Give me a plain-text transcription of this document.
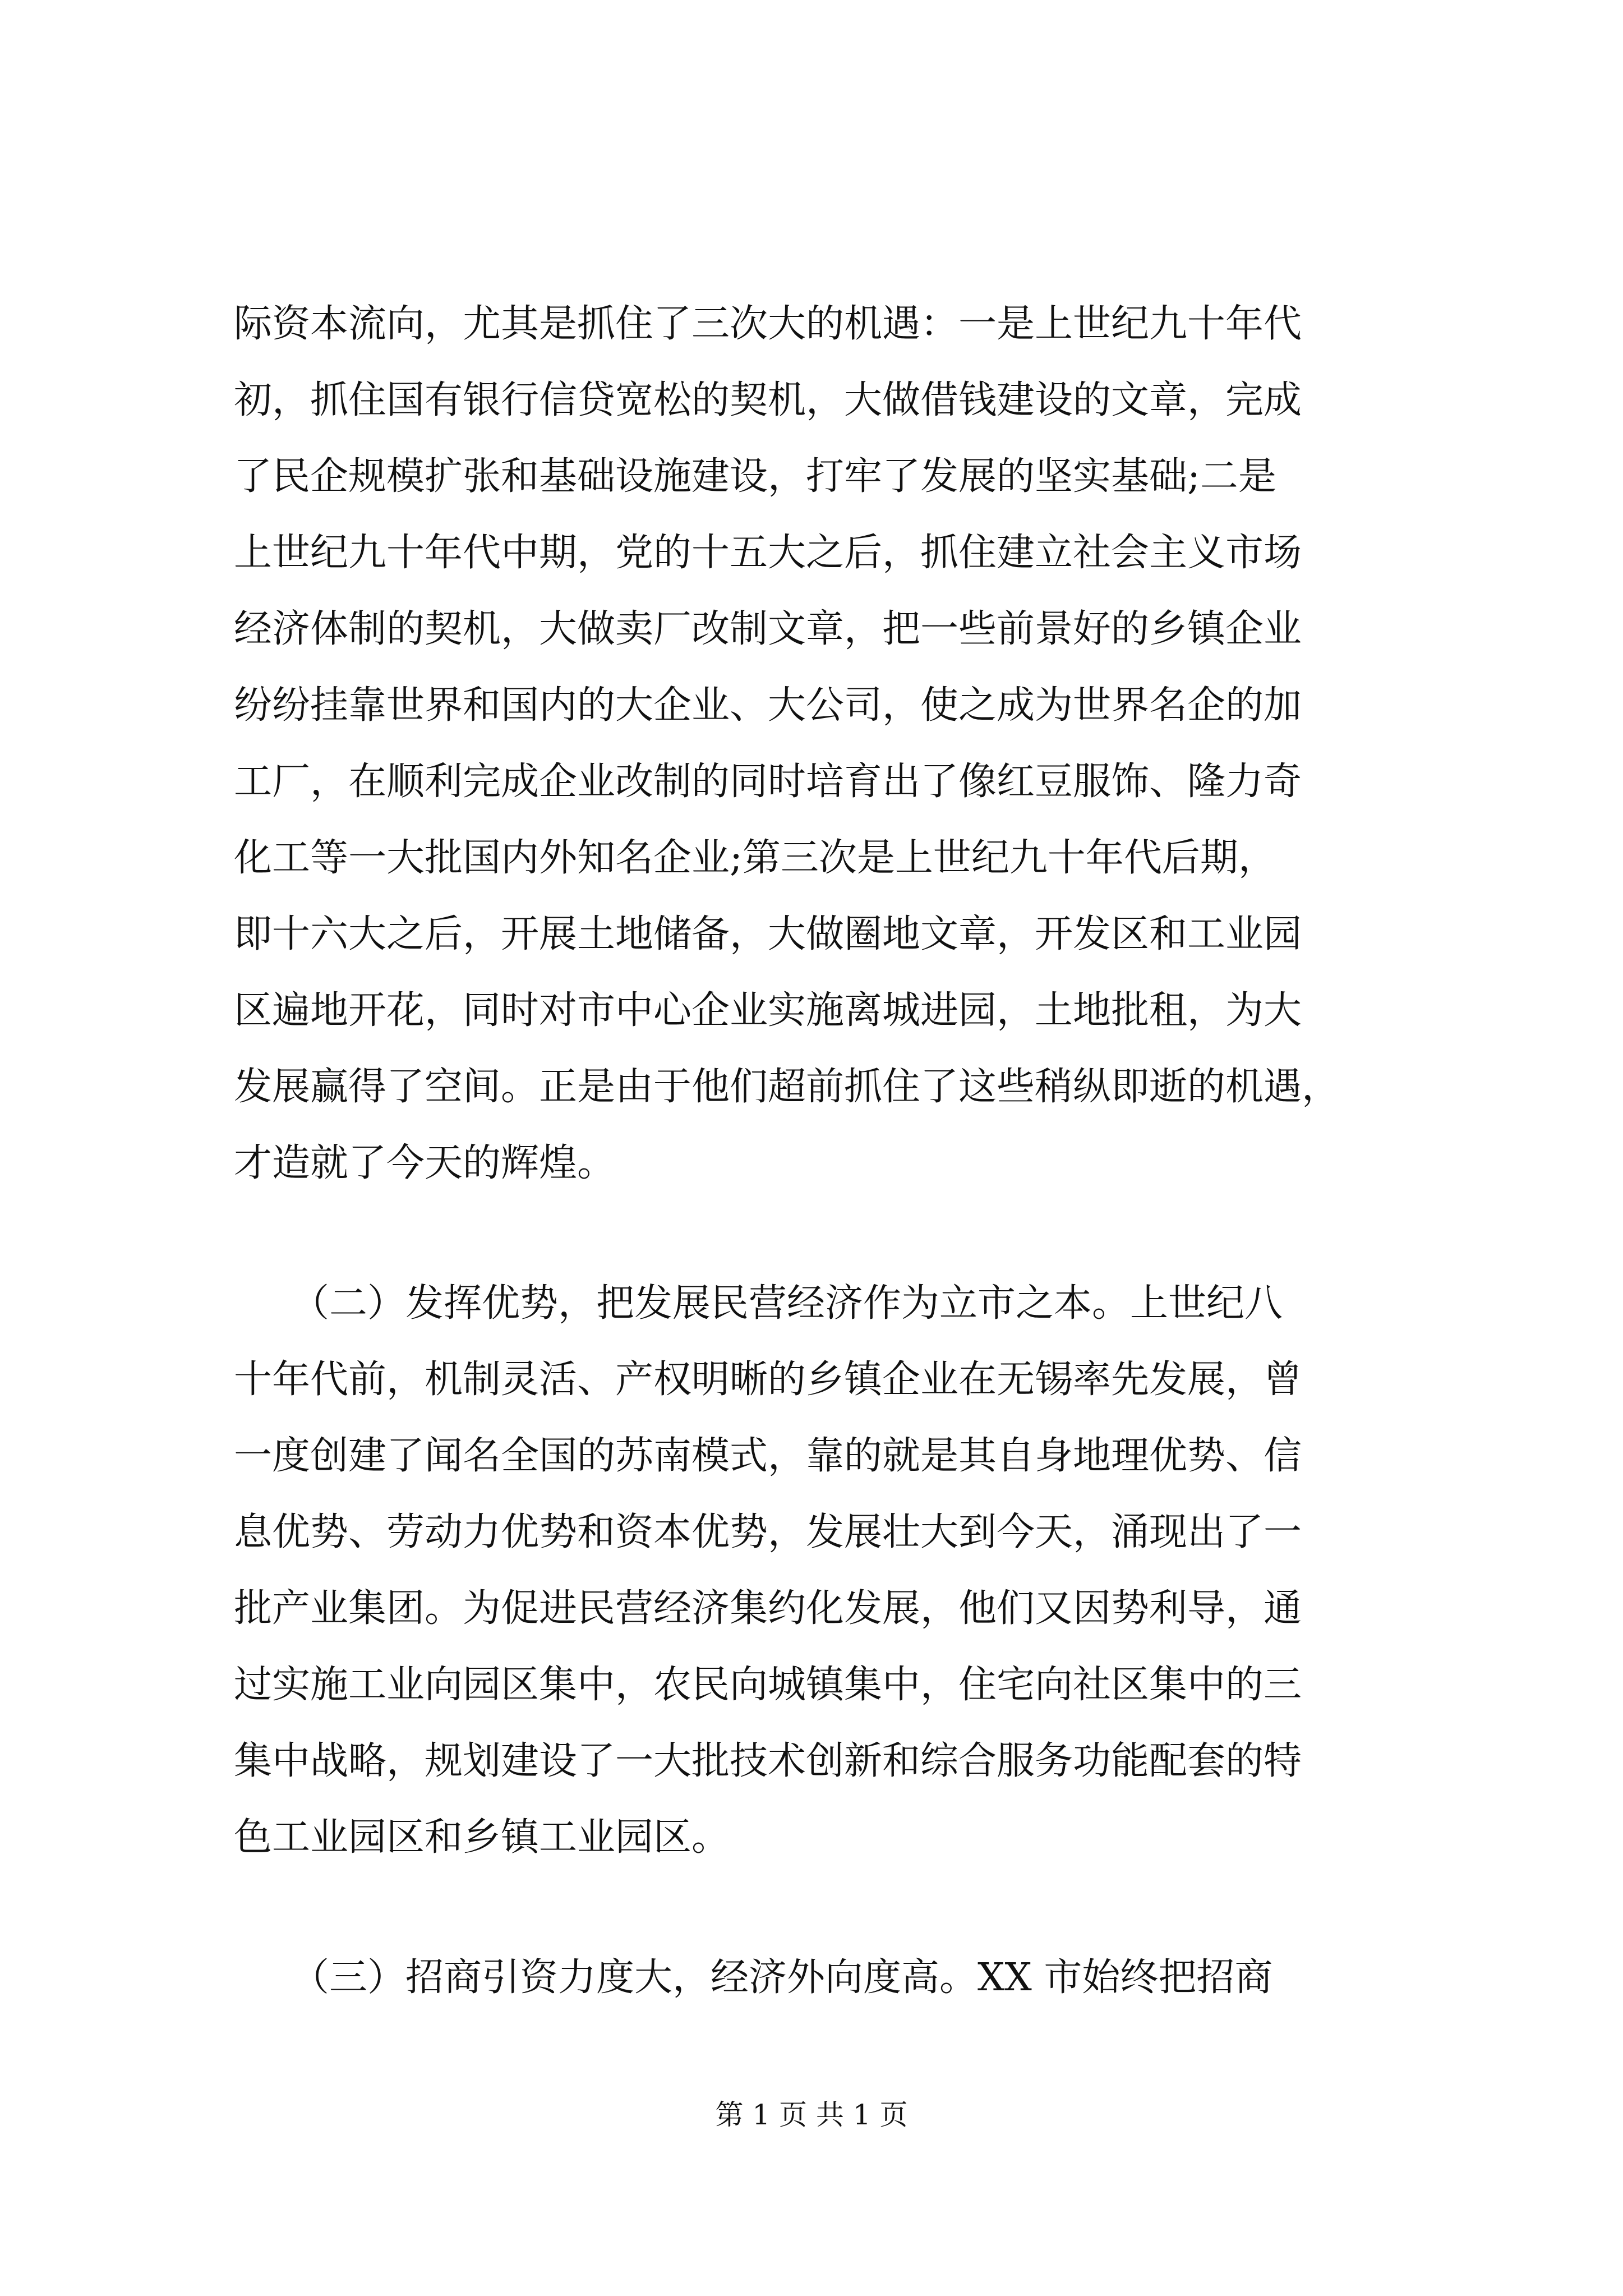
际资本流向，尤其是抓住了三次大的机遇：一是上世纪九十年代
初，抓住国有银行信贷宽松的契机，大做借钱建设的文章，完成
了民企规模扩张和基础设施建设，打牢了发展的坚实基础;二是
上世纪九十年代中期，党的十五大之后，抓住建立社会主义市场
经济体制的契机，大做卖厂改制文章，把一些前景好的乡镇企业
纷纷挂靠世界和国内的大企业、大公司，使之成为世界名企的加
工厂，在顺利完成企业改制的同时培育出了像红豆服饰、隆力奇
化工等一大批国内外知名企业;第三次是上世纪九十年代后期，
即十六大之后，开展土地储备，大做圈地文章，开发区和工业园
区遍地开花，同时对市中心企业实施离城进园，土地批租，为大
发展赢得了空间。正是由于他们超前抓住了这些稍纵即逝的机遇，
才造就了今天的辉煌。
　　（二）发挥优势，把发展民营经济作为立市之本。上世纪八
十年代前，机制灵活、产权明晰的乡镇企业在无锡率先发展，曾
一度创建了闻名全国的苏南模式，靠的就是其自身地理优势、信
息优势、劳动力优势和资本优势，发展壮大到今天，涌现出了一
批产业集团。为促进民营经济集约化发展，他们又因势利导，通
过实施工业向园区集中，农民向城镇集中，住宅向社区集中的三
集中战略，规划建设了一大批技术创新和综合服务功能配套的特
色工业园区和乡镇工业园区。
　　（三）招商引资力度大，经济外向度高。XX 市始终把招商
第 1 页 共 1 页
